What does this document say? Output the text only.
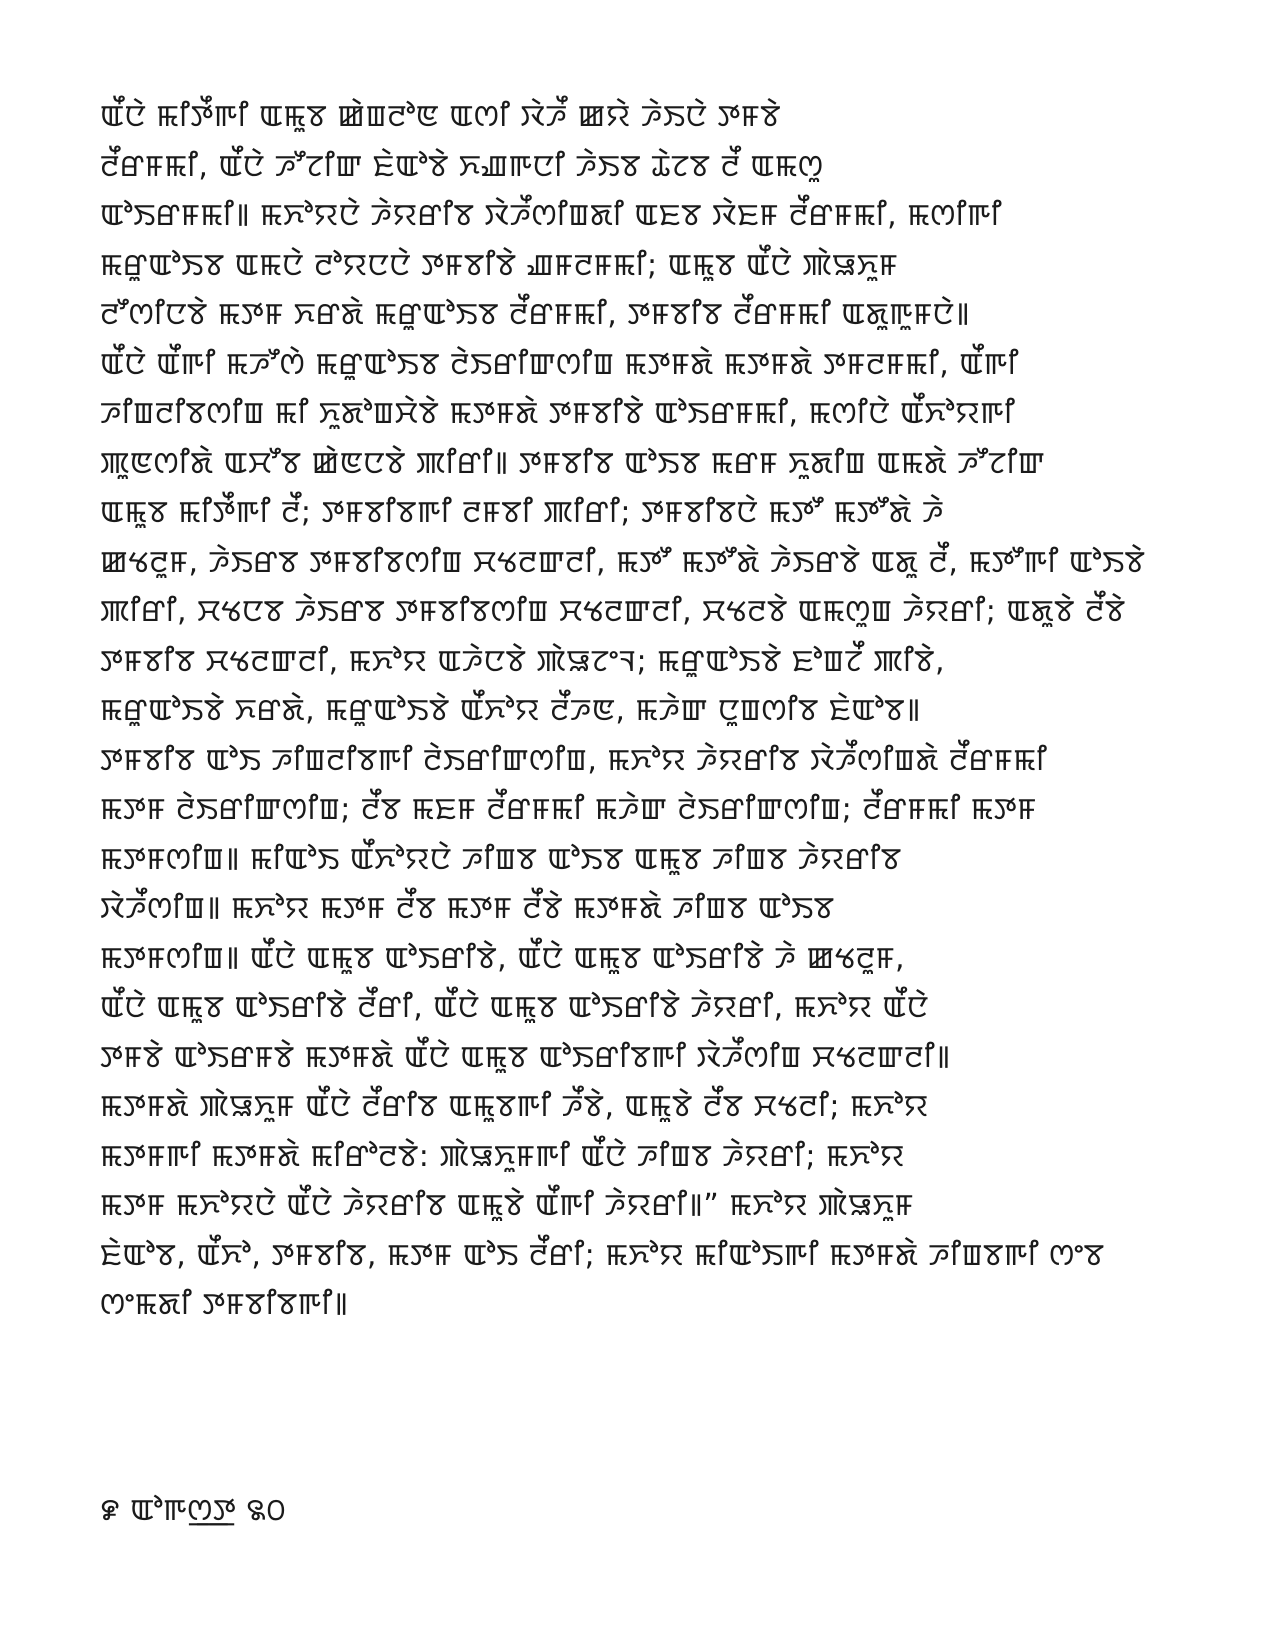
ꯑꯩꯅꯥ ꯃꯤꯇꯩꯒꯤ ꯑꯃꯨꯕ ꯀꯥꯡꯂꯣꯟ ꯑꯁꯤ ꯋꯥꯍꯩ ꯀꯌꯥ ꯍꯥꯏꯅꯥ ꯇꯝꯕꯥ
ꯂꯩꯔꯝꯃꯤ, ꯑꯩꯅꯥ ꯍꯧꯖꯤꯛ ꯐꯥꯑꯣꯕꯥ ꯈꯉꯒꯅꯤ ꯍꯥꯏꯕ ꯊꯥꯖꯕ ꯂꯩ ꯑꯃꯁꯨ
ꯑꯣꯏꯔꯝꯃꯤ꯫ ꯃꯈꯣꯌꯅꯥ ꯍꯥꯌꯔꯤꯕ ꯋꯥꯍꯩꯁꯤꯡꯗꯤ ꯑꯐꯕ ꯋꯥꯐꯝ ꯂꯩꯔꯝꯃꯤ, ꯃꯁꯤꯒꯤ
ꯃꯔꯨꯑꯣꯏꯕ ꯑꯃꯅꯥ ꯂꯣꯌꯅꯅꯥ ꯇꯝꯕꯤꯕꯥ ꯉꯝꯂꯝꯃꯤ; ꯑꯃꯨꯕ ꯑꯩꯅꯥ ꯄꯥꯎꯈꯨꯝ
ꯂꯧꯁꯤꯅꯕꯥ ꯃꯇꯝ ꯈꯔꯗꯥ ꯃꯔꯨꯑꯣꯏꯕ ꯂꯩꯔꯝꯃꯤ, ꯇꯝꯕꯤꯕ ꯂꯩꯔꯝꯃꯤ ꯑꯗꯨꯒꯨꯝꯅꯥ꯫
ꯑꯩꯅꯥ ꯑꯩꯒꯤ ꯃꯍꯧꯁꯥ ꯃꯔꯨꯑꯣꯏꯕ ꯂꯥꯏꯔꯤꯛꯁꯤꯡ ꯃꯇꯝꯗꯥ ꯃꯇꯝꯗꯥ ꯇꯝꯂꯝꯃꯤ, ꯑꯩꯒꯤ
ꯍꯤꯡꯂꯤꯕꯁꯤꯡ ꯃꯤ ꯈꯨꯗꯣꯡꯆꯥꯕꯥ ꯃꯇꯝꯗꯥ ꯇꯝꯕꯤꯕꯥ ꯑꯣꯏꯔꯝꯃꯤ, ꯃꯁꯤꯅꯥ ꯑꯩꯈꯣꯌꯒꯤ
ꯄꯨꯟꯁꯤꯗꯥ ꯑꯆꯧꯕ ꯀꯥꯟꯅꯕꯥ ꯄꯤꯔꯤ꯫ ꯇꯝꯕꯤꯕ ꯑꯣꯏꯕ ꯃꯔꯝ ꯈꯨꯗꯤꯡ ꯑꯃꯗꯥ ꯍꯧꯖꯤꯛ
ꯑꯃꯨꯕ ꯃꯤꯇꯩꯒꯤ ꯂꯩ; ꯇꯝꯕꯤꯕꯒꯤ ꯂꯝꯕꯤ ꯄꯤꯔꯤ; ꯇꯝꯕꯤꯕꯅꯥ ꯃꯇꯧ ꯃꯇꯧꯗꯥ ꯍꯥ
ꯀꯠꯂꯨꯝ, ꯍꯥꯏꯔꯕ ꯇꯝꯕꯤꯕꯁꯤꯡ ꯆꯠꯂꯛꯂꯤ, ꯃꯇꯧ ꯃꯇꯧꯗꯥ ꯍꯥꯏꯔꯕꯥ ꯑꯗꯨ ꯂꯩ, ꯃꯇꯧꯒꯤ ꯑꯣꯏꯕꯥ
ꯄꯤꯔꯤ, ꯆꯠꯅꯕ ꯍꯥꯏꯔꯕ ꯇꯝꯕꯤꯕꯁꯤꯡ ꯆꯠꯂꯛꯂꯤ, ꯆꯠꯂꯕꯥ ꯑꯃꯁꯨꯡ ꯍꯥꯌꯔꯤ; ꯑꯗꯨꯕꯥ ꯂꯩꯕꯥ
ꯇꯝꯕꯤꯕ ꯆꯠꯂꯛꯂꯤ, ꯃꯈꯣꯌ ꯑꯍꯥꯅꯕꯥ ꯄꯥꯎꯖꯦꯜ; ꯃꯔꯨꯑꯣꯏꯕꯥ ꯐꯣꯡꯖꯩ ꯄꯤꯕꯥ,
ꯃꯔꯨꯑꯣꯏꯕꯥ ꯈꯔꯗꯥ, ꯃꯔꯨꯑꯣꯏꯕꯥ ꯑꯩꯈꯣꯌ ꯂꯩꯍꯟ, ꯃꯍꯥꯛ ꯅꯨꯡꯁꯤꯕ ꯐꯥꯑꯣꯕ꯫
ꯇꯝꯕꯤꯕ ꯑꯣꯏ ꯍꯤꯡꯂꯤꯕꯒꯤ ꯂꯥꯏꯔꯤꯛꯁꯤꯡ, ꯃꯈꯣꯌ ꯍꯥꯌꯔꯤꯕ ꯋꯥꯍꯩꯁꯤꯡꯗꯥ ꯂꯩꯔꯝꯃꯤ
ꯃꯇꯝ ꯂꯥꯏꯔꯤꯛꯁꯤꯡ; ꯂꯩꯕ ꯃꯐꯝ ꯂꯩꯔꯝꯃꯤ ꯃꯍꯥꯛ ꯂꯥꯏꯔꯤꯛꯁꯤꯡ; ꯂꯩꯔꯝꯃꯤ ꯃꯇꯝ
ꯃꯇꯝꯁꯤꯡ꯫ ꯃꯤꯑꯣꯏ ꯑꯩꯈꯣꯌꯅꯥ ꯍꯤꯡꯕ ꯑꯣꯏꯕ ꯑꯃꯨꯕ ꯍꯤꯡꯕ ꯍꯥꯌꯔꯤꯕ
ꯋꯥꯍꯩꯁꯤꯡ꯫ ꯃꯈꯣꯌ ꯃꯇꯝ ꯂꯩꯕ ꯃꯇꯝ ꯂꯩꯕꯥ ꯃꯇꯝꯗꯥ ꯍꯤꯡꯕ ꯑꯣꯏꯕ
ꯃꯇꯝꯁꯤꯡ꯫ ꯑꯩꯅꯥ ꯑꯃꯨꯕ ꯑꯣꯏꯔꯤꯕꯥ, ꯑꯩꯅꯥ ꯑꯃꯨꯕ ꯑꯣꯏꯔꯤꯕꯥ ꯍꯥ ꯀꯠꯂꯨꯝ,
ꯑꯩꯅꯥ ꯑꯃꯨꯕ ꯑꯣꯏꯔꯤꯕꯥ ꯂꯩꯔꯤ, ꯑꯩꯅꯥ ꯑꯃꯨꯕ ꯑꯣꯏꯔꯤꯕꯥ ꯍꯥꯌꯔꯤ, ꯃꯈꯣꯌ ꯑꯩꯅꯥ
ꯇꯝꯕꯥ ꯑꯣꯏꯔꯝꯕꯥ ꯃꯇꯝꯗꯥ ꯑꯩꯅꯥ ꯑꯃꯨꯕ ꯑꯣꯏꯔꯤꯕꯒꯤ ꯋꯥꯍꯩꯁꯤꯡ ꯆꯠꯂꯛꯂꯤ꯫
ꯃꯇꯝꯗꯥ ꯄꯥꯎꯈꯨꯝ ꯑꯩꯅꯥ ꯂꯩꯔꯤꯕ ꯑꯃꯨꯕꯒꯤ ꯍꯩꯕꯥ, ꯑꯃꯨꯕꯥ ꯂꯩꯕ ꯆꯠꯂꯤ; ꯃꯈꯣꯌ
ꯃꯇꯝꯒꯤ ꯃꯇꯝꯗꯥ ꯃꯤꯔꯣꯂꯕꯥ: ꯄꯥꯎꯈꯨꯝꯒꯤ ꯑꯩꯅꯥ ꯍꯤꯡꯕ ꯍꯥꯌꯔꯤ; ꯃꯈꯣꯌ
ꯃꯇꯝ ꯃꯈꯣꯌꯅꯥ ꯑꯩꯅꯥ ꯍꯥꯌꯔꯤꯕ ꯑꯃꯨꯕꯥ ꯑꯩꯒꯤ ꯍꯥꯌꯔꯤ꯫” ꯃꯈꯣꯌ ꯄꯥꯎꯈꯨꯝ
ꯐꯥꯑꯣꯕ, ꯑꯩꯈꯣ, ꯇꯝꯕꯤꯕ, ꯃꯇꯝ ꯑꯣꯏ ꯂꯩꯔꯤ; ꯃꯈꯣꯌ ꯃꯤꯑꯣꯏꯒꯤ ꯃꯇꯝꯗꯥ ꯍꯤꯡꯕꯒꯤ ꯁꯦꯕ
ꯁꯦꯃꯗꯤ ꯇꯝꯕꯤꯕꯒꯤ꯫
꯹ ꯑꯣꯒꯁ꯭ꯇ ꯲꯰
